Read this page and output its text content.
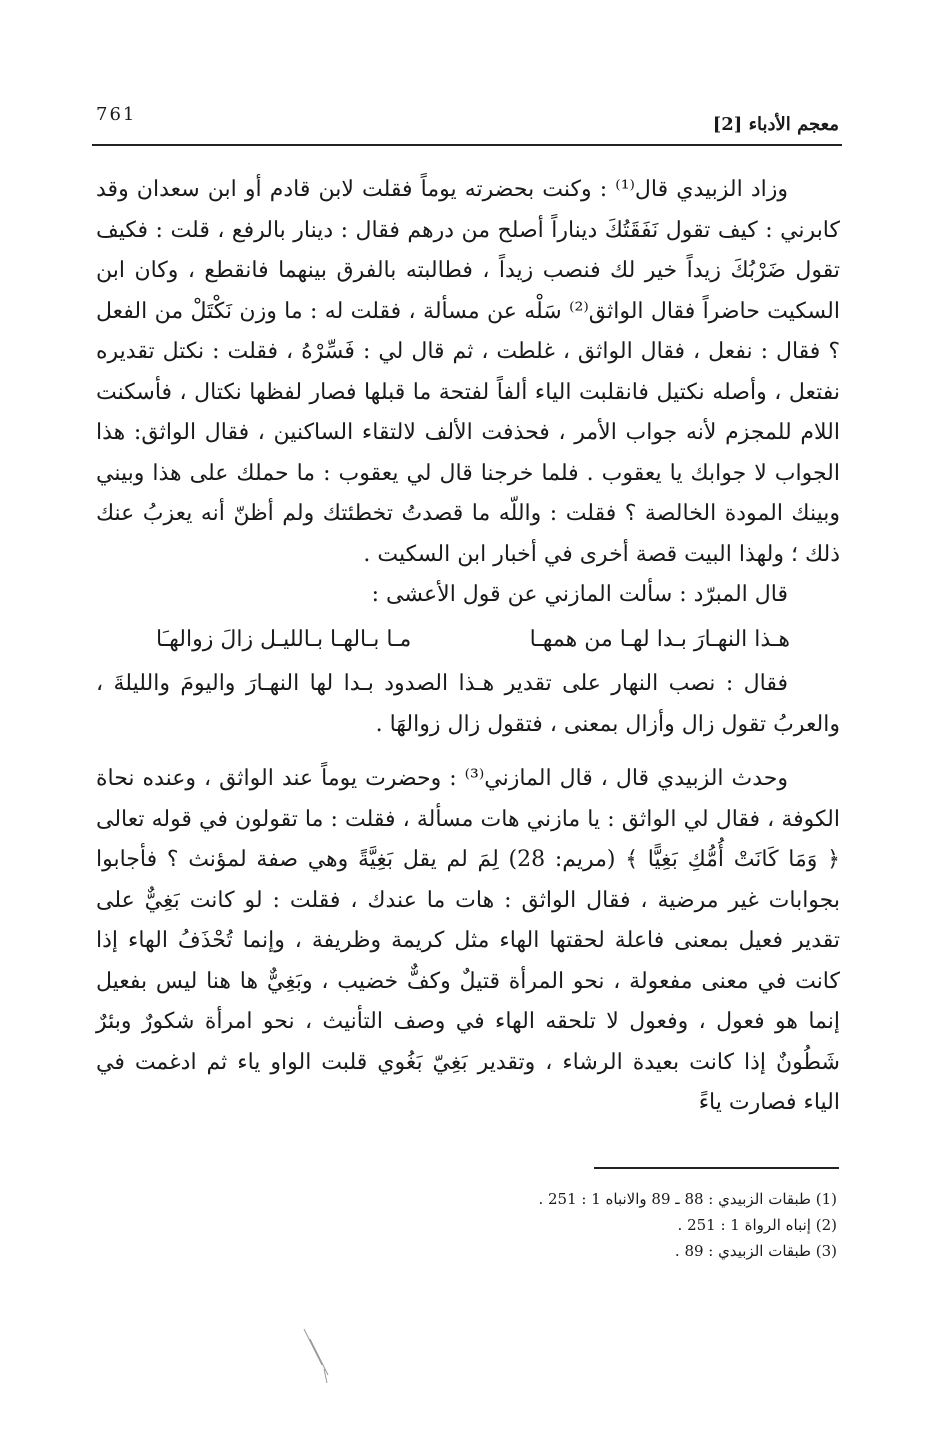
761	معجم الأدباء [2]

وزاد الزبيدي قال⁽¹⁾ : وكنت بحضرته يوماً فقلت لابن قادم أو ابن سعدان وقد كابرني : كيف تقول نَفَقَتُكَ ديناراً أصلح من درهم فقال : دينار بالرفع ، قلت : فكيف تقول ضَرْبُكَ زيداً خير لك فنصب زيداً ، فطالبته بالفرق بينهما فانقطع ، وكان ابن السكيت حاضراً فقال الواثق⁽²⁾ سَلْه عن مسألة ، فقلت له : ما وزن نَكْتَلْ من الفعل ؟ فقال : نفعل ، فقال الواثق ، غلطت ، ثم قال لي : فَسِّرْهُ ، فقلت : نكتل تقديره نفتعل ، وأصله نكتيل فانقلبت الياء ألفاً لفتحة ما قبلها فصار لفظها نكتال ، فأسكنت اللام للمجزم لأنه جواب الأمر ، فحذفت الألف لالتقاء الساكنين ، فقال الواثق: هذا الجواب لا جوابك يا يعقوب . فلما خرجنا قال لي يعقوب : ما حملك على هذا وبيني وبينك المودة الخالصة ؟ فقلت : واللّه ما قصدتُ تخطئتك ولم أظنّ أنه يعزبُ عنك ذلك ؛ ولهذا البيت قصة أخرى في أخبار ابن السكيت .

قال المبرّد : سألت المازني عن قول الأعشى :

هـذا النهـارَ بـدا لهـا من همهـا
مـا بـالهـا بـالليـل زالَ زوالهـَا

فقال : نصب النهار على تقدير هـذا الصدود بـدا لها النهـارَ واليومَ والليلةَ ، والعربُ تقول زال وأزال بمعنى ، فتقول زال زوالهَا .

وحدث الزبيدي قال ، قال المازني⁽³⁾ : وحضرت يوماً عند الواثق ، وعنده نحاة الكوفة ، فقال لي الواثق : يا مازني هات مسألة ، فقلت : ما تقولون في قوله تعالى ﴿ وَمَا كَانَتْ أُمُّكِ بَغِيًّا ﴾ (مريم: 28) لِمَ لم يقل بَغِيَّةً وهي صفة لمؤنث ؟ فأجابوا بجوابات غير مرضية ، فقال الواثق : هات ما عندك ، فقلت : لو كانت بَغِيٌّ على تقدير فعيل بمعنى فاعلة لحقتها الهاء مثل كريمة وظريفة ، وإنما تُحْذَفُ الهاء إذا كانت في معنى مفعولة ، نحو المرأة قتيلٌ وكفٌّ خضيب ، وبَغِيٌّ ها هنا ليس بفعيل إنما هو فعول ، وفعول لا تلحقه الهاء في وصف التأنيث ، نحو امرأة شكورٌ وبئرٌ شَطُونٌ إذا كانت بعيدة الرشاء ، وتقدير بَغِيّ بَغُوي قلبت الواو ياء ثم ادغمت في الياء فصارت ياءً

(1) طبقات الزبيدي : 88 ـ 89 والانباه 1 : 251 .
(2) إنباه الرواة 1 : 251 .
(3) طبقات الزبيدي : 89 .
